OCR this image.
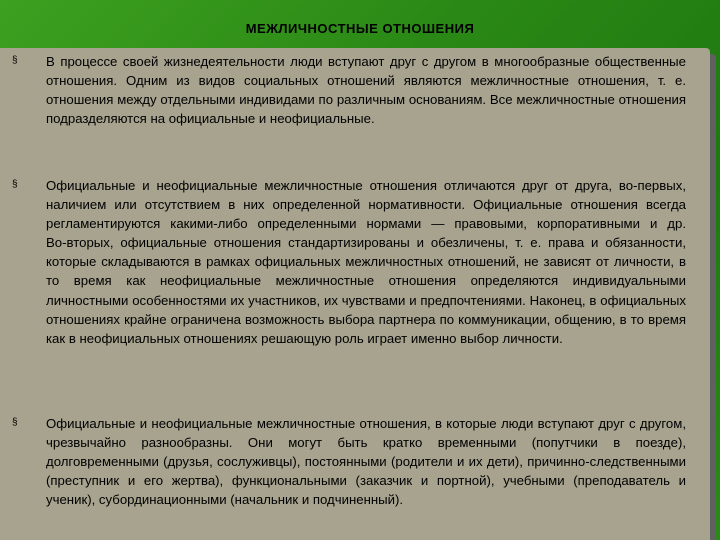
МЕЖЛИЧНОСТНЫЕ ОТНОШЕНИЯ
§	В процессе своей жизнедеятельности люди вступают друг с другом в многообразные общественные отношения. Одним из видов социальных отношений являются межличностные отношения, т. е. отношения между отдельными индивидами по различным основаниям. Все межличностные отношения подразделяются на официальные и неофициальные.

§	Официальные и неофициальные межличностные отношения отличаются друг от друга, во‑первых, наличием или отсутствием в них определенной нормативности. Официальные отношения всегда регламентируются какими‑либо определенными нормами — правовыми, корпоративными и др. Во‑вторых, официальные отношения стандартизированы и обезличены, т. е. права и обязанности, которые складываются в рамках официальных межличностных отношений, не зависят от личности, в то время как неофициальные межличностные отношения определяются индивидуальными личностными особенностями их участников, их чувствами и предпочтениями. Наконец, в официальных отношениях крайне ограничена возможность выбора партнера по коммуникации, общению, в то время как в неофициальных отношениях решающую роль играет именно выбор личности.

§	Официальные и неофициальные межличностные отношения, в которые люди вступают друг с другом, чрезвычайно разнообразны. Они могут быть кратко временными (попутчики в поезде), долговременными (друзья, сослуживцы), постоянными (родители и их дети), причинно‑следственными (преступник и его жертва), функциональными (заказчик и портной), учебными (преподаватель и ученик), субординационными (начальник и подчиненный).
